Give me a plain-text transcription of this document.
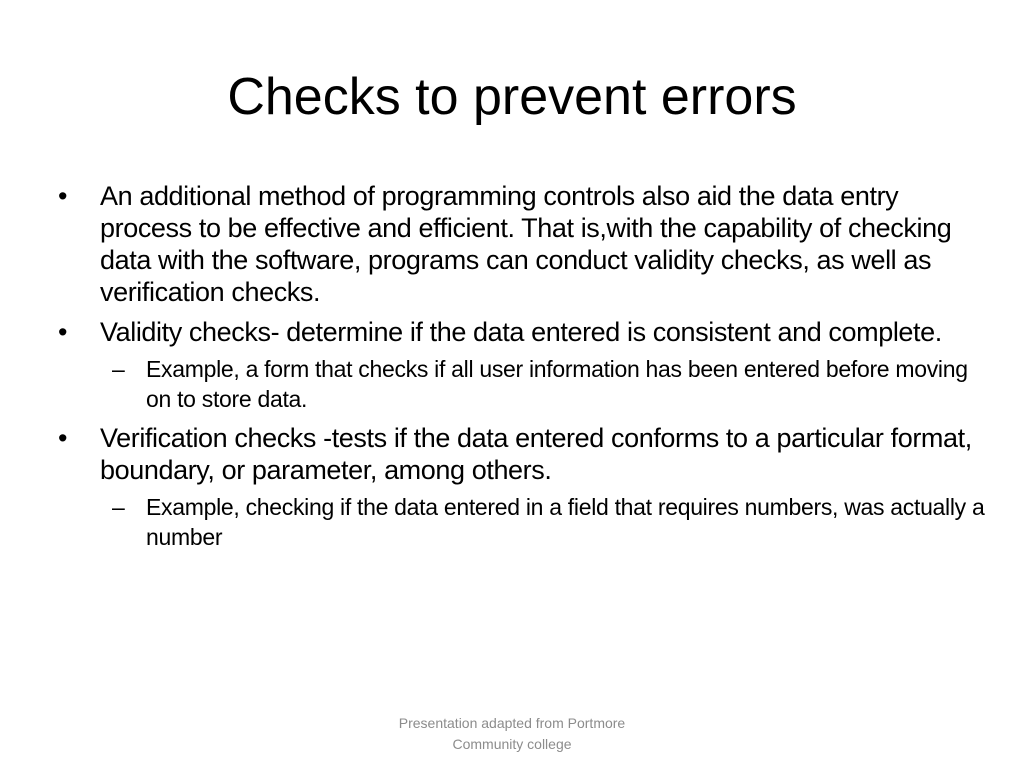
Checks to prevent errors
•	An additional method of programming controls also aid the data entry process to be effective and efficient. That is,with the capability of checking data with the software, programs can conduct validity checks, as well as verification checks.
•	Validity checks- determine if the data entered is consistent and complete.
– Example, a form that checks if all user information has been entered before moving on to store data.
•	Verification checks -tests if the data entered conforms to a particular format, boundary, or parameter, among others.
– Example, checking if the data entered in a field that requires numbers, was actually a number
Presentation adapted from Portmore
Community college
